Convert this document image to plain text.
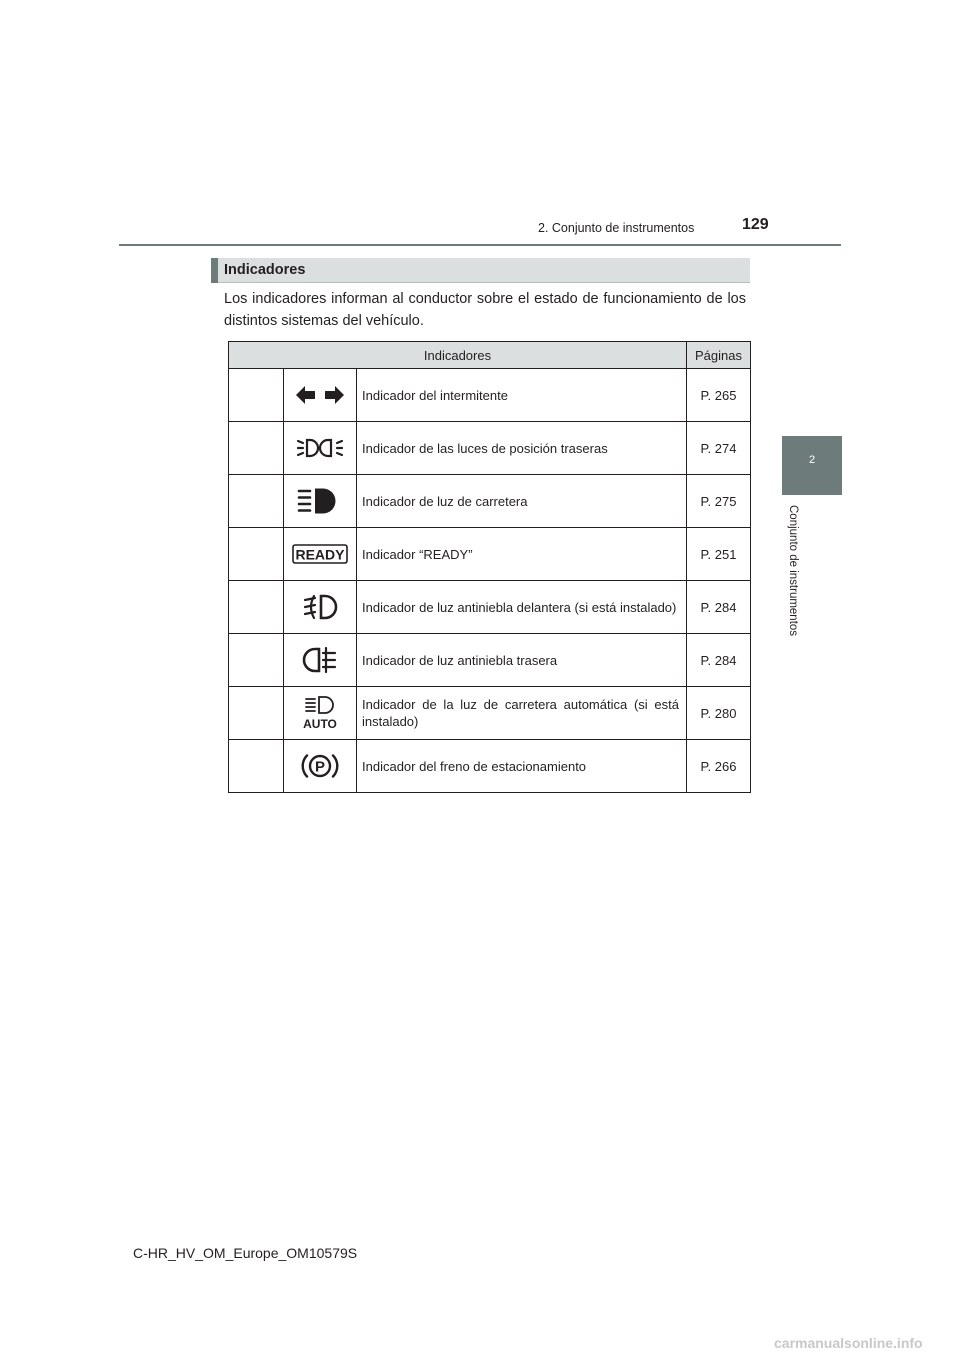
2. Conjunto de instrumentos	129
2
Conjunto de instrumentos
Indicadores
Los indicadores informan al conductor sobre el estado de funcionamiento de los distintos sistemas del vehículo.
Indicadores			Páginas

	Indicador del intermitente	P. 265

	Indicador de las luces de posición traseras	P. 274

	Indicador de luz de carretera	P. 275

READY	Indicador “READY”	P. 251

	Indicador de luz antiniebla delantera (si está instalado)	P. 284

	Indicador de luz antiniebla trasera	P. 284

AUTO	Indicador de la luz de carretera automática (si está instalado)	P. 280

P	Indicador del freno de estacionamiento	P. 266
C-HR_HV_OM_Europe_OM10579S
carmanualsonline.info
